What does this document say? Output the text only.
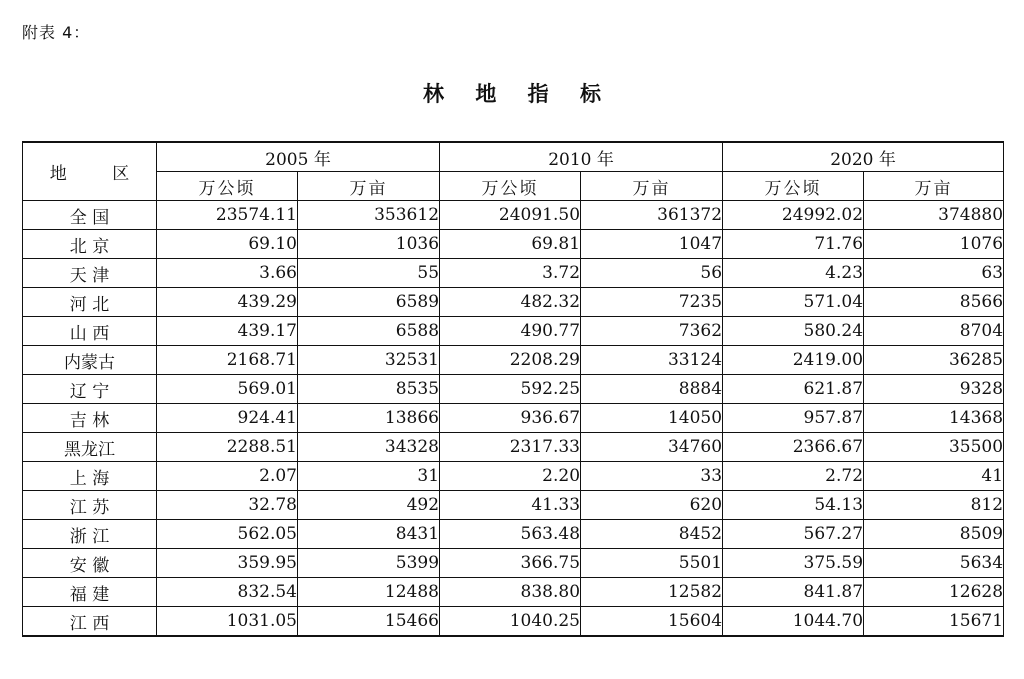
附表 4：
林 地 指 标
地 区	2005 年		2010 年		2020 年	
	万公顷	万亩	万公顷	万亩	万公顷	万亩
全 国	23574.11	353612	24091.50	361372	24992.02	374880
北 京	69.10	1036	69.81	1047	71.76	1076
天 津	3.66	55	3.72	56	4.23	63
河 北	439.29	6589	482.32	7235	571.04	8566
山 西	439.17	6588	490.77	7362	580.24	8704
内蒙古	2168.71	32531	2208.29	33124	2419.00	36285
辽 宁	569.01	8535	592.25	8884	621.87	9328
吉 林	924.41	13866	936.67	14050	957.87	14368
黑龙江	2288.51	34328	2317.33	34760	2366.67	35500
上 海	2.07	31	2.20	33	2.72	41
江 苏	32.78	492	41.33	620	54.13	812
浙 江	562.05	8431	563.48	8452	567.27	8509
安 徽	359.95	5399	366.75	5501	375.59	5634
福 建	832.54	12488	838.80	12582	841.87	12628
江 西	1031.05	15466	1040.25	15604	1044.70	15671
